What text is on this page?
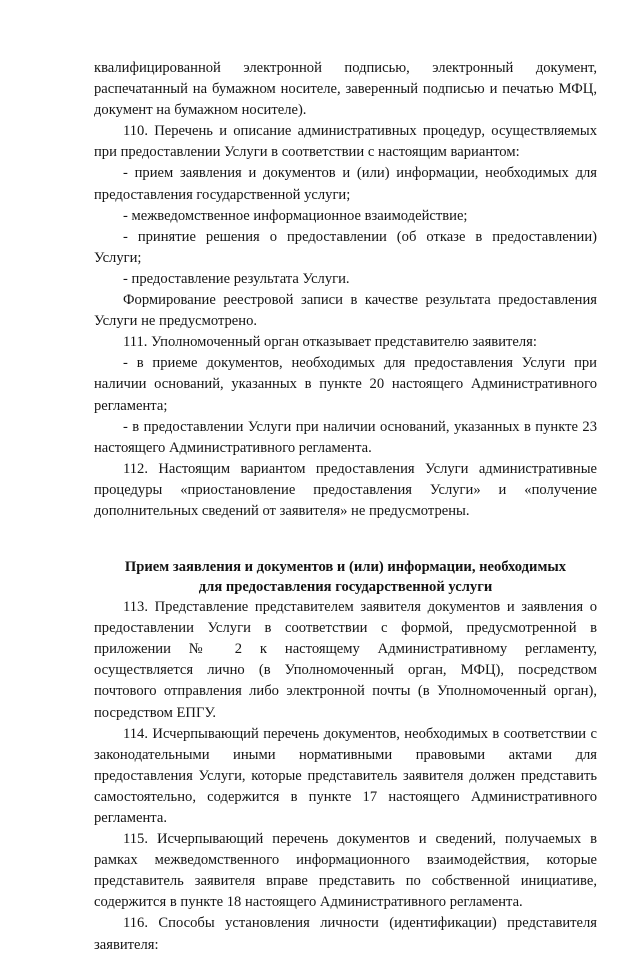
квалифицированной электронной подписью, электронный документ, распечатанный на бумажном носителе, заверенный подписью и печатью МФЦ, документ на бумажном носителе).

110. Перечень и описание административных процедур, осуществляемых при предоставлении Услуги в соответствии с настоящим вариантом:

- прием заявления и документов и (или) информации, необходимых для предоставления государственной услуги;

- межведомственное информационное взаимодействие;

- принятие решения о предоставлении (об отказе в предоставлении) Услуги;

- предоставление результата Услуги.

Формирование реестровой записи в качестве результата предоставления Услуги не предусмотрено.

111. Уполномоченный орган отказывает представителю заявителя:

- в приеме документов, необходимых для предоставления Услуги при наличии оснований, указанных в пункте 20 настоящего Административного регламента;

- в предоставлении Услуги при наличии оснований, указанных в пункте 23 настоящего Административного регламента.

112. Настоящим вариантом предоставления Услуги административные процедуры «приостановление предоставления Услуги» и «получение дополнительных сведений от заявителя» не предусмотрены.

Прием заявления и документов и (или) информации, необходимых
для предоставления государственной услуги

113. Представление представителем заявителя документов и заявления о предоставлении Услуги в соответствии с формой, предусмотренной в приложении № 2 к настоящему Административному регламенту, осуществляется лично (в Уполномоченный орган, МФЦ), посредством почтового отправления либо электронной почты (в Уполномоченный орган), посредством ЕПГУ.

114. Исчерпывающий перечень документов, необходимых в соответствии с законодательными иными нормативными правовыми актами для предоставления Услуги, которые представитель заявителя должен представить самостоятельно, содержится в пункте 17 настоящего Административного регламента.

115. Исчерпывающий перечень документов и сведений, получаемых в рамках межведомственного информационного взаимодействия, которые представитель заявителя вправе представить по собственной инициативе, содержится в пункте 18 настоящего Административного регламента.

116. Способы установления личности (идентификации) представителя заявителя:
